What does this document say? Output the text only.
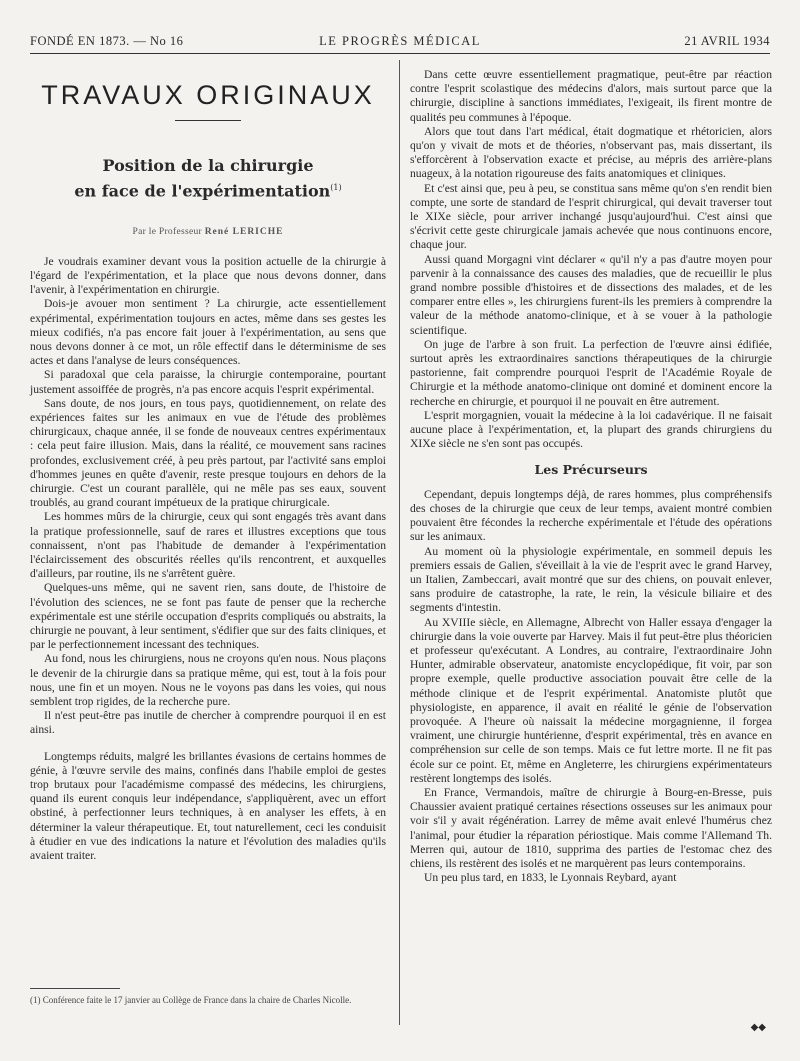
FONDÉ EN 1873. — No 16	LE PROGRÈS MÉDICAL	21 AVRIL 1934
TRAVAUX ORIGINAUX
Position de la chirurgie
en face de l'expérimentation$^{(1)}$
Par le Professeur René LERICHE

Je voudrais examiner devant vous la position actuelle de la chirurgie à l'égard de l'expérimentation, et la place que nous devons donner, dans l'avenir, à l'expérimentation en chirurgie.

Dois-je avouer mon sentiment ? La chirurgie, acte essentiellement expérimental, expérimentation toujours en actes, même dans ses gestes les mieux codifiés, n'a pas encore fait jouer à l'expérimentation, au sens que nous devons donner à ce mot, un rôle effectif dans le déterminisme de ses actes et dans l'analyse de leurs conséquences.

Si paradoxal que cela paraisse, la chirurgie contemporaine, pourtant justement assoiffée de progrès, n'a pas encore acquis l'esprit expérimental.

Sans doute, de nos jours, en tous pays, quotidiennement, on relate des expériences faites sur les animaux en vue de l'étude des problèmes chirurgicaux, chaque année, il se fonde de nouveaux centres expérimentaux : cela peut faire illusion. Mais, dans la réalité, ce mouvement sans racines profondes, exclusivement créé, à peu près partout, par l'activité sans emploi d'hommes jeunes en quête d'avenir, reste presque toujours en dehors de la chirurgie. C'est un courant parallèle, qui ne mêle pas ses eaux, souvent troublés, au grand courant impétueux de la pratique chirurgicale.

Les hommes mûrs de la chirurgie, ceux qui sont engagés très avant dans la pratique professionnelle, sauf de rares et illustres exceptions que tous connaissent, n'ont pas l'habitude de demander à l'expérimentation l'éclaircissement des obscurités réelles qu'ils rencontrent, et auxquelles d'ailleurs, par routine, ils ne s'arrêtent guère.

Quelques-uns même, qui ne savent rien, sans doute, de l'histoire de l'évolution des sciences, ne se font pas faute de penser que la recherche expérimentale est une stérile occupation d'esprits compliqués ou abstraits, la chirurgie ne pouvant, à leur sentiment, s'édifier que sur des faits cliniques, et par le perfectionnement incessant des techniques.

Au fond, nous les chirurgiens, nous ne croyons qu'en nous. Nous plaçons le devenir de la chirurgie dans sa pratique même, qui est, tout à la fois pour nous, une fin et un moyen. Nous ne le voyons pas dans les voies, qui nous semblent trop rigides, de la recherche pure.

Il n'est peut-être pas inutile de chercher à comprendre pourquoi il en est ainsi.

Longtemps réduits, malgré les brillantes évasions de certains hommes de génie, à l'œuvre servile des mains, confinés dans l'habile emploi de gestes trop brutaux pour l'académisme compassé des médecins, les chirurgiens, quand ils eurent conquis leur indépendance, s'appliquèrent, avec un effort obstiné, à perfectionner leurs techniques, à en analyser les effets, à en déterminer la valeur thérapeutique. Et, tout naturellement, ceci les conduisit à étudier en vue des indications la nature et l'évolution des maladies qu'ils avaient traiter.

(1) Conférence faite le 17 janvier au Collège de France dans la chaire de Charles Nicolle.

Dans cette œuvre essentiellement pragmatique, peut-être par réaction contre l'esprit scolastique des médecins d'alors, mais surtout parce que la chirurgie, discipline à sanctions immédiates, l'exigeait, ils firent montre de qualités peu communes à l'époque.

Alors que tout dans l'art médical, était dogmatique et rhétoricien, alors qu'on y vivait de mots et de théories, n'observant pas, mais dissertant, ils s'efforcèrent à l'observation exacte et précise, au mépris des arrière-plans nuageux, à la notation rigoureuse des faits anatomiques et cliniques.

Et c'est ainsi que, peu à peu, se constitua sans même qu'on s'en rendit bien compte, une sorte de standard de l'esprit chirurgical, qui devait traverser tout le XIXe siècle, pour arriver inchangé jusqu'aujourd'hui. C'est ainsi que s'écrivit cette geste chirurgicale jamais achevée que nous continuons encore, chaque jour.

Aussi quand Morgagni vint déclarer « qu'il n'y a pas d'autre moyen pour parvenir à la connaissance des causes des maladies, que de recueillir le plus grand nombre possible d'histoires et de dissections des malades, et de les comparer entre elles », les chirurgiens furent-ils les premiers à comprendre la valeur de la méthode anatomo-clinique, et à se vouer à la pathologie scientifique.

On juge de l'arbre à son fruit. La perfection de l'œuvre ainsi édifiée, surtout après les extraordinaires sanctions thérapeutiques de la chirurgie pastorienne, fait comprendre pourquoi l'esprit de l'Académie Royale de Chirurgie et la méthode anatomo-clinique ont dominé et dominent encore la recherche en chirurgie, et pourquoi il ne pouvait en être autrement.

L'esprit morgagnien, vouait la médecine à la loi cadavérique. Il ne faisait aucune place à l'expérimentation, et, la plupart des grands chirurgiens du XIXe siècle ne s'en sont pas occupés.

Les Précurseurs

Cependant, depuis longtemps déjà, de rares hommes, plus compréhensifs des choses de la chirurgie que ceux de leur temps, avaient montré combien pouvaient être fécondes la recherche expérimentale et l'étude des opérations sur les animaux.

Au moment où la physiologie expérimentale, en sommeil depuis les premiers essais de Galien, s'éveillait à la vie de l'esprit avec le grand Harvey, un Italien, Zambeccari, avait montré que sur des chiens, on pouvait enlever, sans produire de catastrophe, la rate, le rein, la vésicule biliaire et des segments d'intestin.

Au XVIIIe siècle, en Allemagne, Albrecht von Haller essaya d'engager la chirurgie dans la voie ouverte par Harvey. Mais il fut peut-être plus théoricien et professeur qu'exécutant. A Londres, au contraire, l'extraordinaire John Hunter, admirable observateur, anatomiste encyclopédique, fit voir, par son propre exemple, quelle productive association pouvait être celle de la méthode clinique et de l'esprit expérimental. Anatomiste plutôt que physiologiste, en apparence, il avait en réalité le génie de l'observation provoquée. A l'heure où naissait la médecine morgagnienne, il forgea vraiment, une chirurgie huntérienne, d'esprit expérimental, très en avance en compréhension sur celle de son temps. Mais ce fut lettre morte. Il ne fit pas école sur ce point. Et, même en Angleterre, les chirurgiens expérimentateurs restèrent longtemps des isolés.

En France, Vermandois, maître de chirurgie à Bourg-en-Bresse, puis Chaussier avaient pratiqué certaines résections osseuses sur les animaux pour voir s'il y avait régénération. Larrey de même avait enlevé l'humérus chez l'animal, pour étudier la réparation périostique. Mais comme l'Allemand Th. Merren qui, autour de 1810, supprima des parties de l'estomac chez des chiens, ils restèrent des isolés et ne marquèrent pas leurs contemporains.

Un peu plus tard, en 1833, le Lyonnais Reybard, ayant

◆◆
